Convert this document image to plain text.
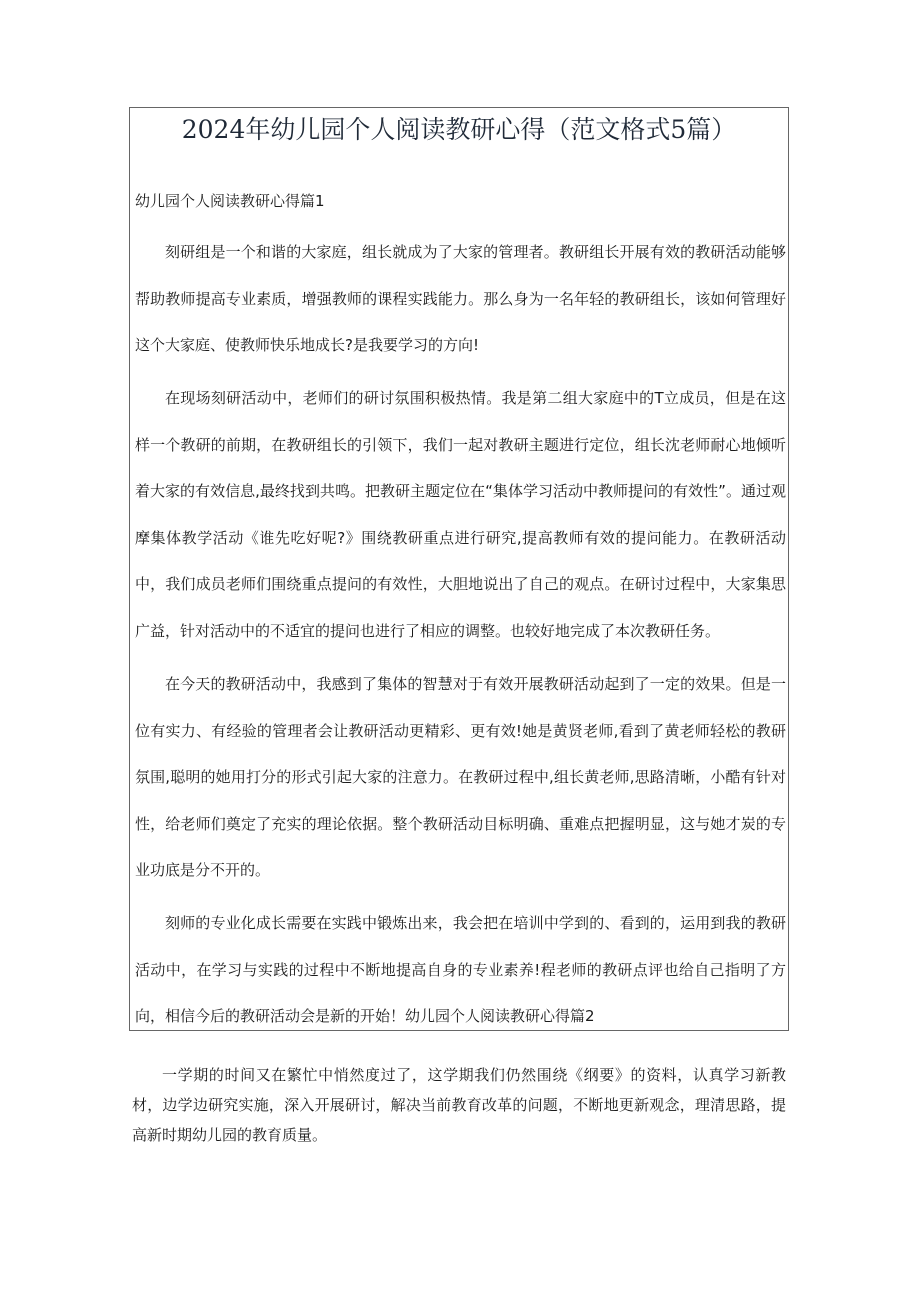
2024年幼儿园个人阅读教研心得（范文格式5篇）
幼儿园个人阅读教研心得篇1

刻研组是一个和谐的大家庭，组长就成为了大家的管理者。教研组长开展有效的教研活动能够帮助教师提高专业素质，增强教师的课程实践能力。那么身为一名年轻的教研组长，该如何管理好这个大家庭、使教师快乐地成长?是我要学习的方向!

在现场刻研活动中，老师们的研讨氛围积极热情。我是第二组大家庭中的T立成员，但是在这样一个教研的前期，在教研组长的引领下，我们一起对教研主题进行定位，组长沈老师耐心地倾听着大家的有效信息,最终找到共鸣。把教研主题定位在“集体学习活动中教师提问的有效性”。通过观摩集体教学活动《谁先吃好呢?》围绕教研重点进行研究,提高教师有效的提问能力。在教研活动中，我们成员老师们围绕重点提问的有效性，大胆地说出了自己的观点。在研讨过程中，大家集思广益，针对活动中的不适宜的提问也进行了相应的调整。也较好地完成了本次教研任务。

在今天的教研活动中，我感到了集体的智慧对于有效开展教研活动起到了一定的效果。但是一位有实力、有经验的管理者会让教研活动更精彩、更有效!她是黄贤老师,看到了黄老师轻松的教研氛围,聪明的她用打分的形式引起大家的注意力。在教研过程中,组长黄老师,思路清晰，小酷有针对性，给老师们奠定了充实的理论依据。整个教研活动目标明确、重难点把握明显，这与她才炭的专业功底是分不开的。

刻师的专业化成长需要在实践中锻炼出来，我会把在培训中学到的、看到的，运用到我的教研活动中，在学习与实践的过程中不断地提高自身的专业素养!程老师的教研点评也给自己指明了方向，相信今后的教研活动会是新的开始！幼儿园个人阅读教研心得篇2

一学期的时间又在繁忙中悄然度过了，这学期我们仍然围绕《纲要》的资料，认真学习新教材，边学边研究实施，深入开展研讨，解决当前教育改革的问题，不断地更新观念，理清思路，提高新时期幼儿园的教育质量。
